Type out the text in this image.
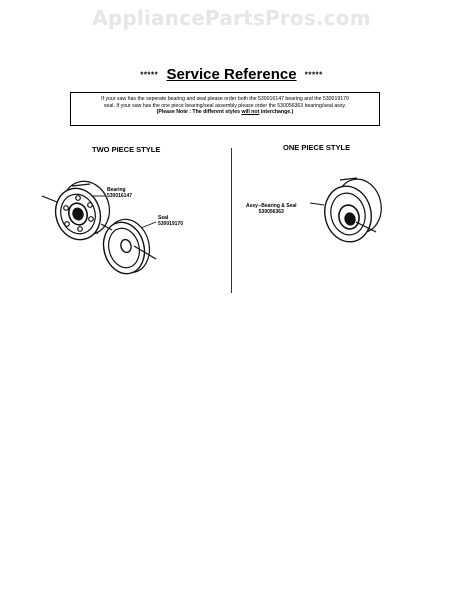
AppliancePartsPros.com
***** Service Reference *****
If your saw has the seperate bearing and seal please order both the 530016147 bearing and the 530019170
seal. If your saw has the one piece bearing/seal assembly please order the 530056363 bearing/seal assy.
(Please Note : The different styles will not interchange.)
TWO PIECE STYLE	ONE PIECE STYLE
Bearing
530016147
Seal
530019170
Assy--Bearing & Seal
530056363
